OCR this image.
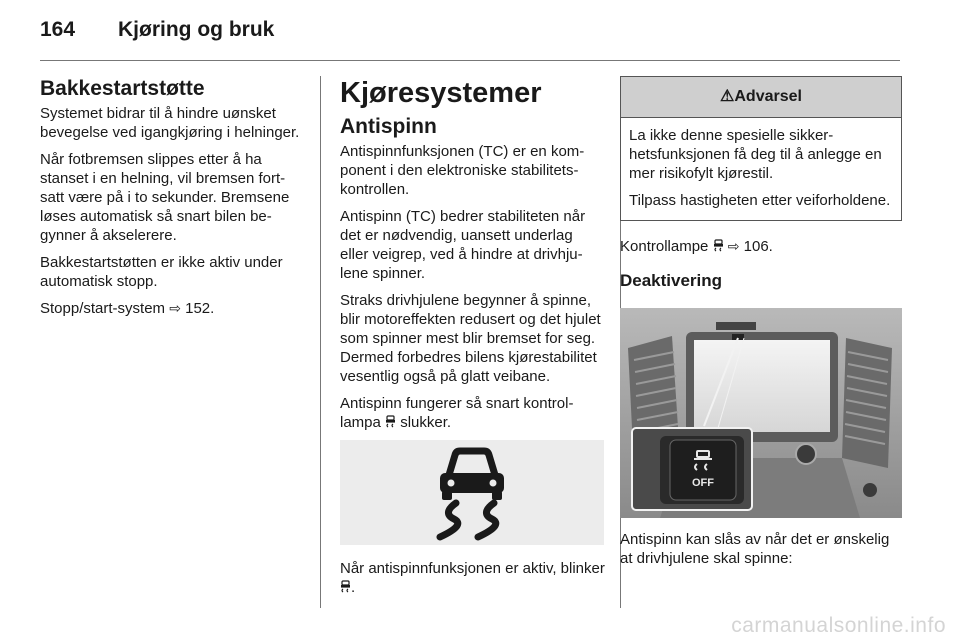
164 Kjøring og bruk
Bakkestartstøtte

Systemet bidrar til å hindre uønsket bevegelse ved igangkjøring i helninger.

Når fotbremsen slippes etter å ha stanset i en helning, vil bremsen fortsatt være på i to sekunder. Bremsene løses automatisk så snart bilen begynner å akselerere.

Bakkestartstøtten er ikke aktiv under automatisk stopp.

Stopp/start-system ⇨ 152.

Kjøresystemer
Antispinn

Antispinnfunksjonen (TC) er en komponent i den elektroniske stabilitetskontrollen.

Antispinn (TC) bedrer stabiliteten når det er nødvendig, uansett underlag eller veigrep, ved å hindre at drivhjulene spinner.

Straks drivhjulene begynner å spinne, blir motoreffekten redusert og det hjulet som spinner mest blir bremset for seg. Dermed forbedres bilens kjørestabilitet vesentlig også på glatt veibane.

Antispinn fungerer så snart kontrollampa slukker.

Når antispinnfunksjonen er aktiv, blinker .

⚠Advarsel

La ikke denne spesielle sikkerhetsfunksjonen få deg til å anlegge en mer risikofylt kjørestil.

Tilpass hastigheten etter veiforholdene.

Kontrollampe ⇨ 106.

Deaktivering
OFF

Antispinn kan slås av når det er ønskelig at drivhjulene skal spinne:

carmanualsonline.info
